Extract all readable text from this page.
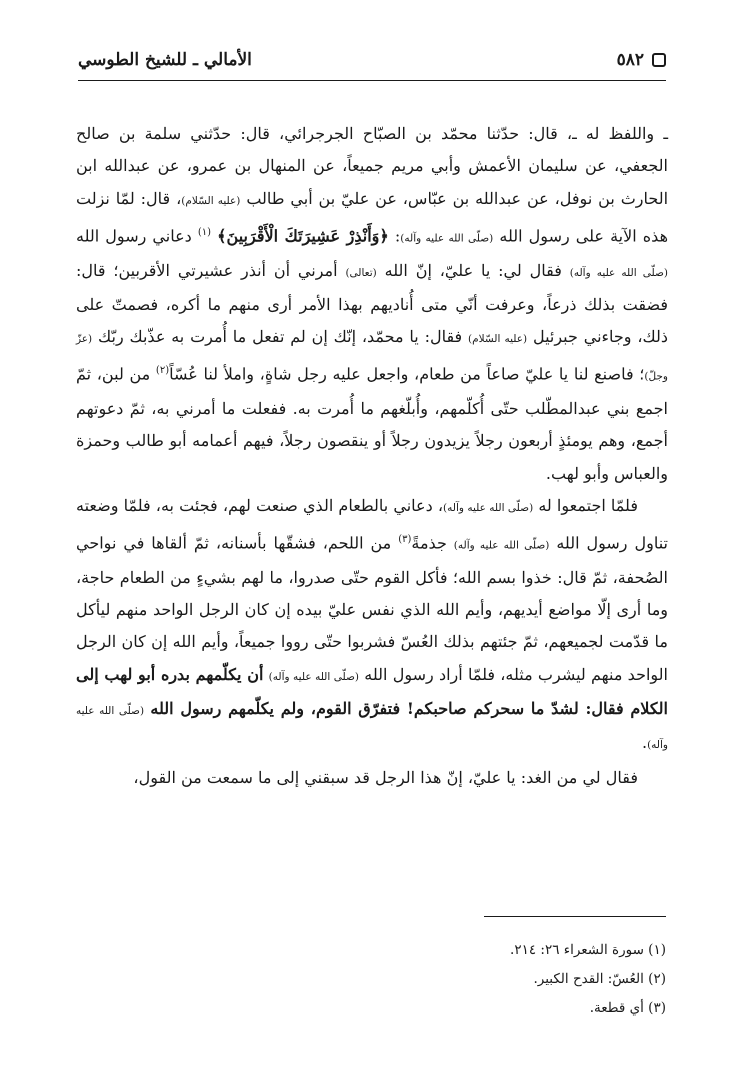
٥٨٢
الأمالي ـ للشيخ الطوسي

ـ واللفظ له ـ، قال: حدّثنا محمّد بن الصبّاح الجرجرائي، قال: حدّثني سلمة بن صالح الجعفي، عن سليمان الأعمش وأبي مريم جميعاً، عن المنهال بن عمرو، عن عبدالله ابن الحارث بن نوفل، عن عبدالله بن عبّاس، عن عليّ بن أبي طالب (عليه السّلام)، قال: لمّا نزلت هذه الآية على رسول الله (صلّى الله عليه وآله): ﴿وَأَنْذِرْ عَشِيرَتَكَ الْأَقْرَبِينَ﴾ $^{(١)}$ دعاني رسول الله (صلّى الله عليه وآله) فقال لي: يا عليّ، إنّ الله (تعالى) أمرني أن أنذر عشيرتي الأقربين؛ قال: فضقت بذلك ذرعاً، وعرفت أنّي متى أُناديهم بهذا الأمر أرى منهم ما أكره، فصمتّ على ذلك، وجاءني جبرئيل (عليه السّلام) فقال: يا محمّد، إنّك إن لم تفعل ما أُمرت به عذّبك ربّك (عزّ وجلّ)؛ فاصنع لنا يا عليّ صاعاً من طعام، واجعل عليه رجل شاةٍ، واملأ لنا عُسّاً$^{(٢)}$ من لبن، ثمّ اجمع بني عبدالمطّلب حتّى أُكلّمهم، وأُبلّغهم ما أُمرت به. ففعلت ما أمرني به، ثمّ دعوتهم أجمع، وهم يومئذٍ أربعون رجلاً يزيدون رجلاً أو ينقصون رجلاً، فيهم أعمامه أبو طالب وحمزة والعباس وأبو لهب.

فلمّا اجتمعوا له (صلّى الله عليه وآله)، دعاني بالطعام الذي صنعت لهم، فجئت به، فلمّا وضعته تناول رسول الله (صلّى الله عليه وآله) جذمةً$^{(٣)}$ من اللحم، فشقّها بأسنانه، ثمّ ألقاها في نواحي الصُحفة، ثمّ قال: خذوا بسم الله؛ فأكل القوم حتّى صدروا، ما لهم بشيءٍ من الطعام حاجة، وما أرى إلّا مواضع أيديهم، وأيم الله الذي نفس عليّ بيده إن كان الرجل الواحد منهم ليأكل ما قدّمت لجميعهم، ثمّ جئتهم بذلك العُسّ فشربوا حتّى رووا جميعاً، وأيم الله إن كان الرجل الواحد منهم ليشرب مثله، فلمّا أراد رسول الله (صلّى الله عليه وآله) أن يكلّمهم بدره أبو لهب إلى الكلام فقال: لشدّ ما سحركم صاحبكم! فتفرّق القوم، ولم يكلّمهم رسول الله (صلّى الله عليه وآله).

فقال لي من الغد: يا عليّ، إنّ هذا الرجل قد سبقني إلى ما سمعت من القول،

(١) سورة الشعراء ٢٦: ٢١٤.
(٢) العُسّ: القدح الكبير.
(٣) أي قطعة.
